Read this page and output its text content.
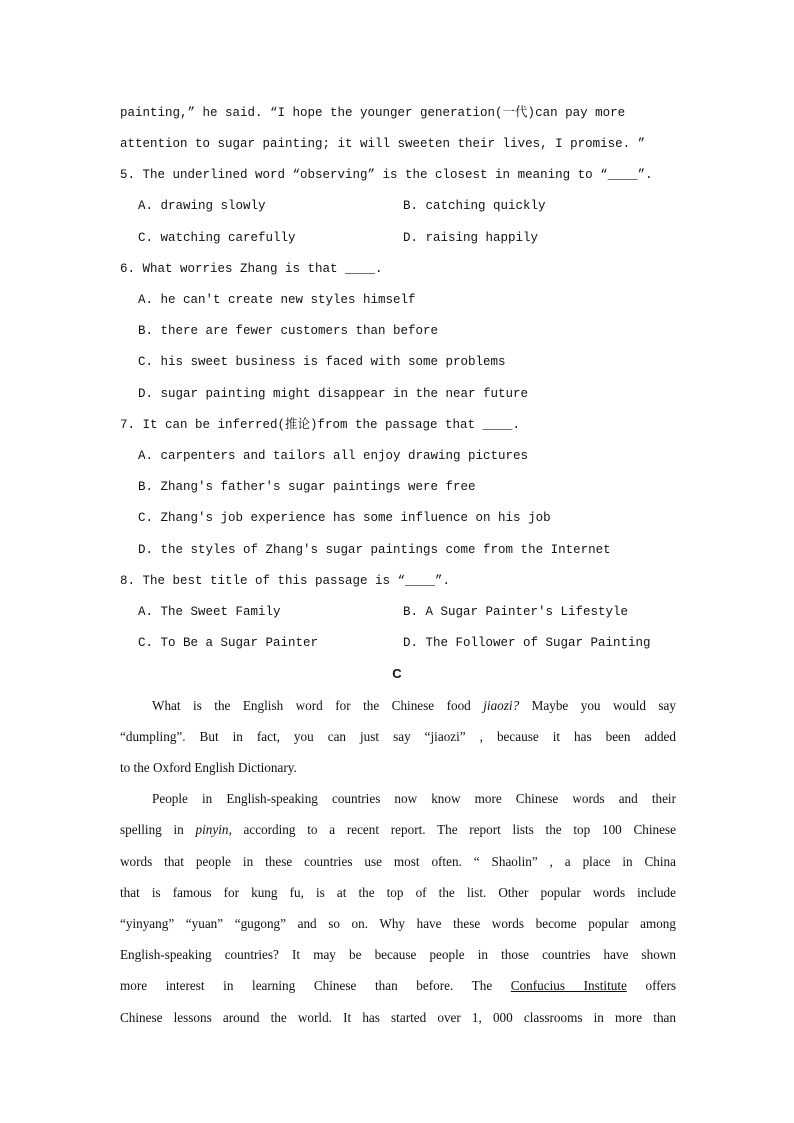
painting,” he said. “I hope the younger generation(一代)can pay more
attention to sugar painting; it will sweeten their lives, I promise. ”
5. The underlined word “observing” is the closest in meaning to “____”.
A. drawing slowly	B. catching quickly
C. watching carefully	D. raising happily
6. What worries Zhang is that ____.
A. he can't create new styles himself
B. there are fewer customers than before
C. his sweet business is faced with some problems
D. sugar painting might disappear in the near future
7. It can be inferred(推论)from the passage that ____.
A. carpenters and tailors all enjoy drawing pictures
B. Zhang's father's sugar paintings were free
C. Zhang's job experience has some influence on his job
D. the styles of Zhang's sugar paintings come from the Internet
8. The best title of this passage is “____”.
A. The Sweet Family	B. A Sugar Painter's Lifestyle
C. To Be a Sugar Painter	D. The Follower of Sugar Painting
C
What is the English word for the Chinese food jiaozi? Maybe you would say
“dumpling”. But in fact, you can just say “jiaozi” , because it has been added
to the Oxford English Dictionary.
People in English-speaking countries now know more Chinese words and their
spelling in pinyin, according to a recent report. The report lists the top 100 Chinese
words that people in these countries use most often. “ Shaolin” , a place in China
that is famous for kung fu, is at the top of the list. Other popular words include
“yinyang” “yuan” “gugong” and so on. Why have these words become popular among
English-speaking countries? It may be because people in those countries have shown
more interest in learning Chinese than before. The Confucius Institute offers
Chinese lessons around the world. It has started over 1, 000 classrooms in more than
